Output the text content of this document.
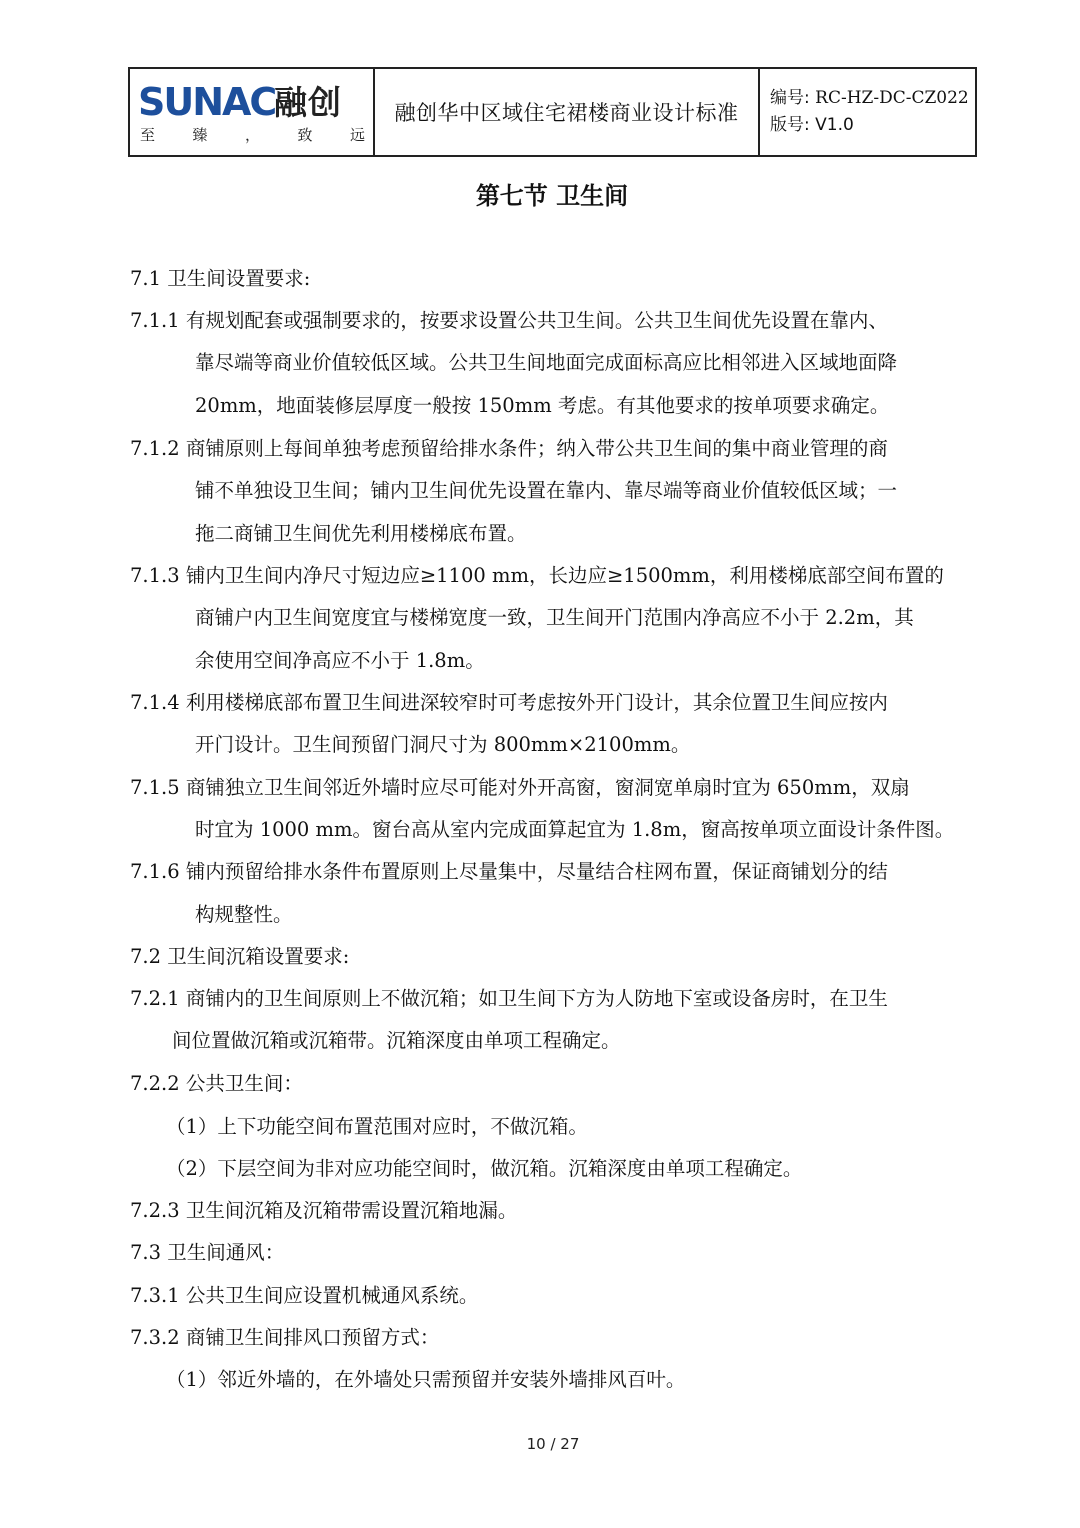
SUNAC
融创
至 臻 ， 致 远
融创华中区域住宅裙楼商业设计标准
编号: RC-HZ-DC-CZ022
版号: V1.0
第七节 卫生间
7.1 卫生间设置要求:
7.1.1 有规划配套或强制要求的，按要求设置公共卫生间。公共卫生间优先设置在靠内、
靠尽端等商业价值较低区域。公共卫生间地面完成面标高应比相邻进入区域地面降
20mm，地面装修层厚度一般按 150mm 考虑。有其他要求的按单项要求确定。
7.1.2 商铺原则上每间单独考虑预留给排水条件；纳入带公共卫生间的集中商业管理的商
铺不单独设卫生间；铺内卫生间优先设置在靠内、靠尽端等商业价值较低区域；一
拖二商铺卫生间优先利用楼梯底布置。
7.1.3 铺内卫生间内净尺寸短边应≥1100 mm，长边应≥1500mm，利用楼梯底部空间布置的
商铺户内卫生间宽度宜与楼梯宽度一致，卫生间开门范围内净高应不小于 2.2m，其
余使用空间净高应不小于 1.8m。
7.1.4 利用楼梯底部布置卫生间进深较窄时可考虑按外开门设计，其余位置卫生间应按内
开门设计。卫生间预留门洞尺寸为 800mm×2100mm。
7.1.5 商铺独立卫生间邻近外墙时应尽可能对外开高窗，窗洞宽单扇时宜为 650mm，双扇
时宜为 1000 mm。窗台高从室内完成面算起宜为 1.8m，窗高按单项立面设计条件图。
7.1.6 铺内预留给排水条件布置原则上尽量集中，尽量结合柱网布置，保证商铺划分的结
构规整性。
7.2 卫生间沉箱设置要求:
7.2.1 商铺内的卫生间原则上不做沉箱；如卫生间下方为人防地下室或设备房时，在卫生
间位置做沉箱或沉箱带。沉箱深度由单项工程确定。
7.2.2 公共卫生间：
（1）上下功能空间布置范围对应时，不做沉箱。
（2）下层空间为非对应功能空间时，做沉箱。沉箱深度由单项工程确定。
7.2.3 卫生间沉箱及沉箱带需设置沉箱地漏。
7.3 卫生间通风：
7.3.1 公共卫生间应设置机械通风系统。
7.3.2 商铺卫生间排风口预留方式：
（1）邻近外墙的，在外墙处只需预留并安装外墙排风百叶。
10 / 27
